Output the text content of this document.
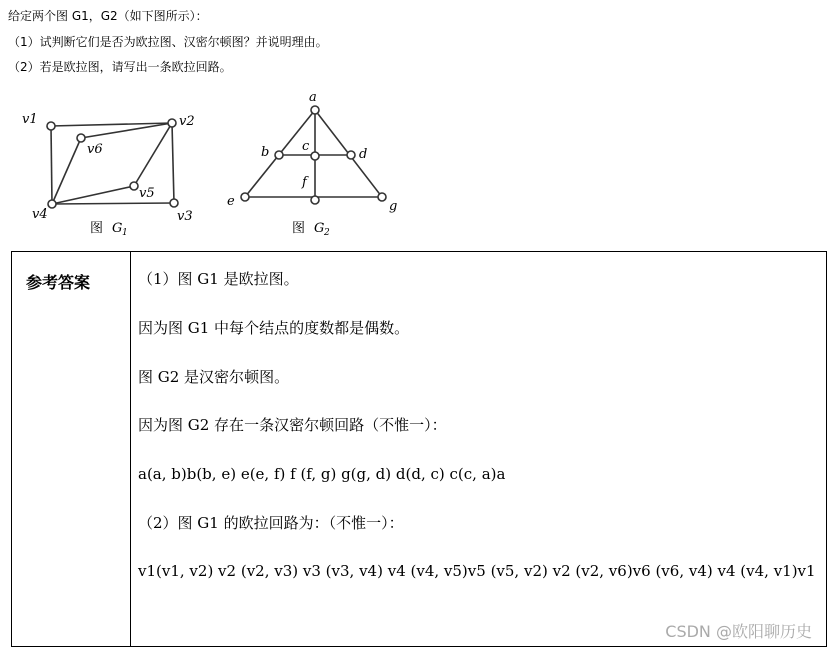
给定两个图 G1，G2（如下图所示）：
（1）试判断它们是否为欧拉图、汉密尔顿图？并说明理由。
（2）若是欧拉图，请写出一条欧拉回路。
v1	v2
v3
v4
v5
v6
图 G 1
a
b	c
d
e
f
g
图 G 2
参考答案	（1）图 G1 是欧拉图。
因为图 G1 中每个结点的度数都是偶数。
图 G2 是汉密尔顿图。
因为图 G2 存在一条汉密尔顿回路（不惟一）：
a(a, b)b(b, e) e(e, f) f (f, g) g(g, d) d(d, c) c(c, a)a
（2）图 G1 的欧拉回路为：（不惟一）：
v1(v1, v2) v2 (v2, v3) v3 (v3, v4) v4 (v4, v5)v5 (v5, v2) v2 (v2, v6)v6 (v6, v4) v4 (v4, v1)v1
CSDN @欧阳聊历史
